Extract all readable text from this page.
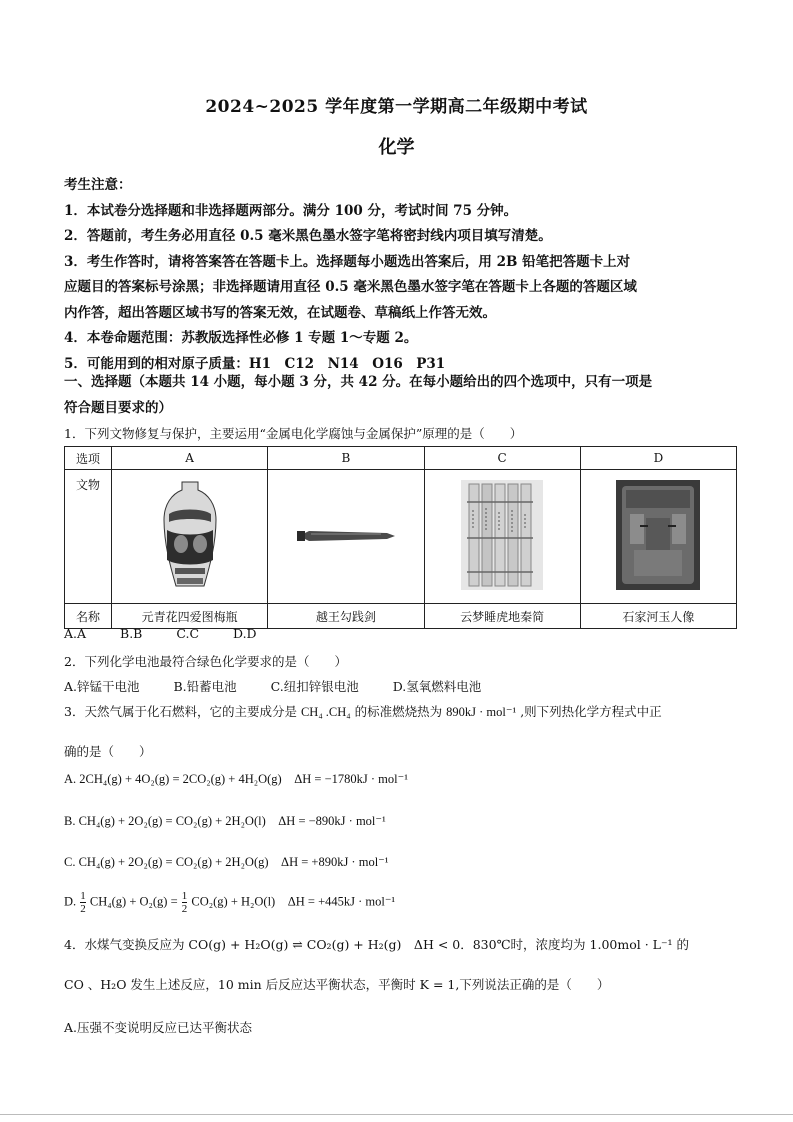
2024~2025 学年度第一学期高二年级期中考试
化学

考生注意：

1．本试卷分选择题和非选择题两部分。满分 100 分，考试时间 75 分钟。

2．答题前，考生务必用直径 0.5 毫米黑色墨水签字笔将密封线内项目填写清楚。

3．考生作答时，请将答案答在答题卡上。选择题每小题选出答案后，用 2B 铅笔把答题卡上对

应题目的答案标号涂黑；非选择题请用直径 0.5 毫米黑色墨水签字笔在答题卡上各题的答题区域

内作答，超出答题区域书写的答案无效，在试题卷、草稿纸上作答无效。

4．本卷命题范围：苏教版选择性必修 1 专题 1～专题 2。

5．可能用到的相对原子质量：H1　C12　N14　O16　P31

一、选择题（本题共 14 小题，每小题 3 分，共 42 分。在每小题给出的四个选项中，只有一项是
符合题目要求的）
1．下列文物修复与保护，主要运用“金属电化学腐蚀与金属保护”原理的是（　　）
选项	A	B	C	D
文物				
名称	元青花四爱图梅瓶	越王勾践剑	云梦睡虎地秦简	石家河玉人像
A.A	B.B	C.C	D.D
2．下列化学电池最符合绿色化学要求的是（　　）
A.锌锰干电池	B.铅蓄电池	C.纽扣锌银电池	D.氢氧燃料电池
3．天然气属于化石燃料，它的主要成分是 CH₄ .CH₄ 的标准燃烧热为 890kJ · mol⁻¹ ,则下列热化学方程式中正
确的是（　　）
A. 2CH₄(g) + 4O₂(g) = 2CO₂(g) + 4H₂O(g)　ΔH = −1780kJ · mol⁻¹
B. CH₄(g) + 2O₂(g) = CO₂(g) + 2H₂O(l)　ΔH = −890kJ · mol⁻¹
C. CH₄(g) + 2O₂(g) = CO₂(g) + 2H₂O(g)　ΔH = +890kJ · mol⁻¹
D. $\frac{1}{2} CH_4(g) + O_2(g) = \frac{1}{2} CO_2(g) + H_2O(l)$　ΔH = +445kJ · mol⁻¹
4．水煤气变换反应为 CO(g) + H₂O(g) ⇌ CO₂(g) + H₂(g)　ΔH < 0．830℃时，浓度均为 1.00mol · L⁻¹ 的
CO 、H₂O 发生上述反应，10 min 后反应达平衡状态，平衡时 K = 1,下列说法正确的是（　　）
A.压强不变说明反应已达平衡状态
